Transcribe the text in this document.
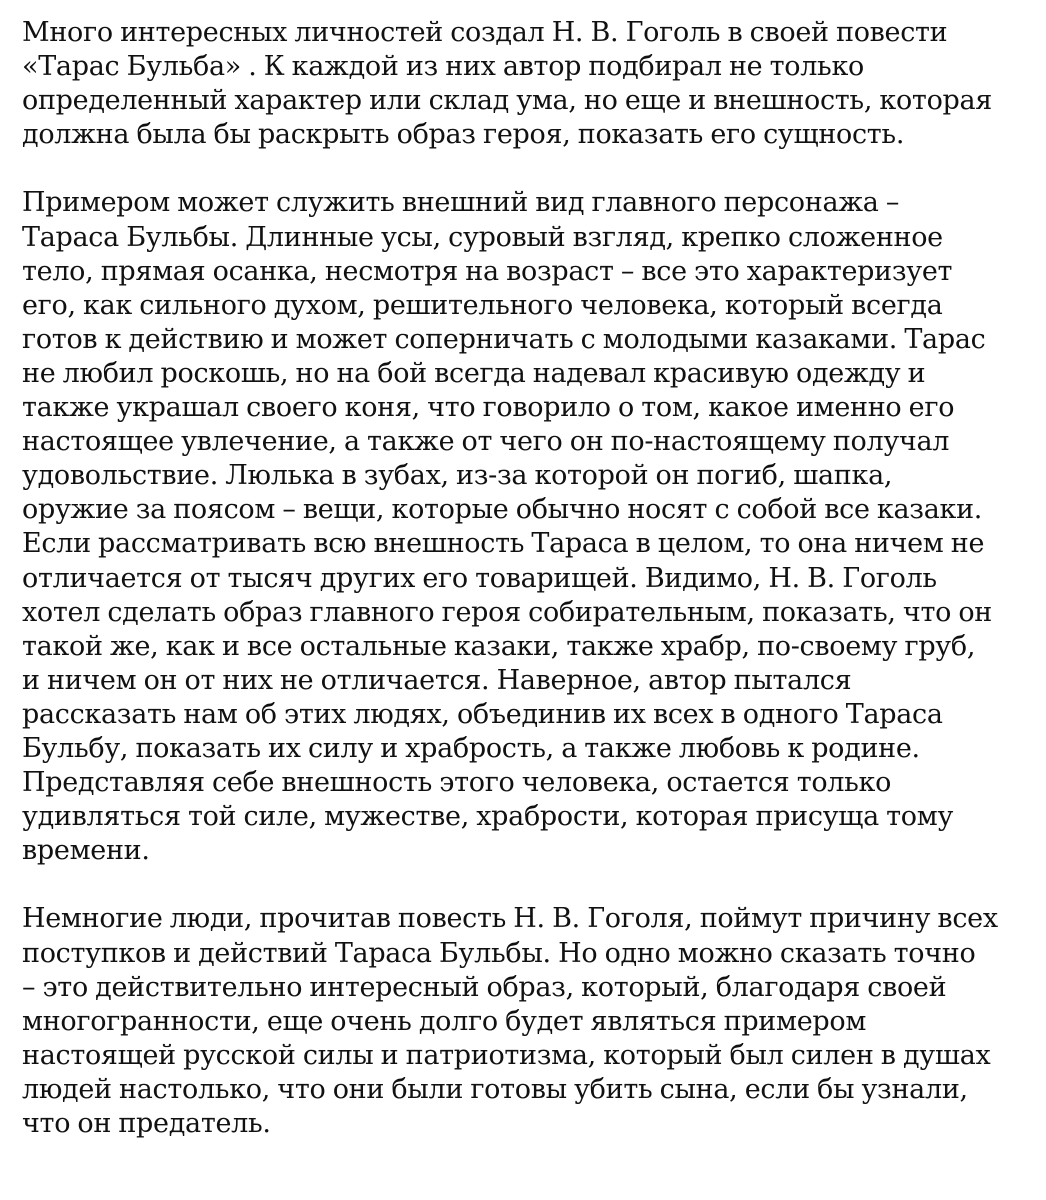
Много интересных личностей создал Н. В. Гоголь в своей повести
«Тарас Бульба» . К каждой из них автор подбирал не только
определенный характер или склад ума, но еще и внешность, которая
должна была бы раскрыть образ героя, показать его сущность.

Примером может служить внешний вид главного персонажа –
Тараса Бульбы. Длинные усы, суровый взгляд, крепко сложенное
тело, прямая осанка, несмотря на возраст – все это характеризует
его, как сильного духом, решительного человека, который всегда
готов к действию и может соперничать с молодыми казаками. Тарас
не любил роскошь, но на бой всегда надевал красивую одежду и
также украшал своего коня, что говорило о том, какое именно его
настоящее увлечение, а также от чего он по-настоящему получал
удовольствие. Люлька в зубах, из-за которой он погиб, шапка,
оружие за поясом – вещи, которые обычно носят с собой все казаки.
Если рассматривать всю внешность Тараса в целом, то она ничем не
отличается от тысяч других его товарищей. Видимо, Н. В. Гоголь
хотел сделать образ главного героя собирательным, показать, что он
такой же, как и все остальные казаки, также храбр, по-своему груб,
и ничем он от них не отличается. Наверное, автор пытался
рассказать нам об этих людях, объединив их всех в одного Тараса
Бульбу, показать их силу и храбрость, а также любовь к родине.
Представляя себе внешность этого человека, остается только
удивляться той силе, мужестве, храбрости, которая присуща тому
времени.

Немногие люди, прочитав повесть Н. В. Гоголя, поймут причину всех
поступков и действий Тараса Бульбы. Но одно можно сказать точно
– это действительно интересный образ, который, благодаря своей
многогранности, еще очень долго будет являться примером
настоящей русской силы и патриотизма, который был силен в душах
людей настолько, что они были готовы убить сына, если бы узнали,
что он предатель.
